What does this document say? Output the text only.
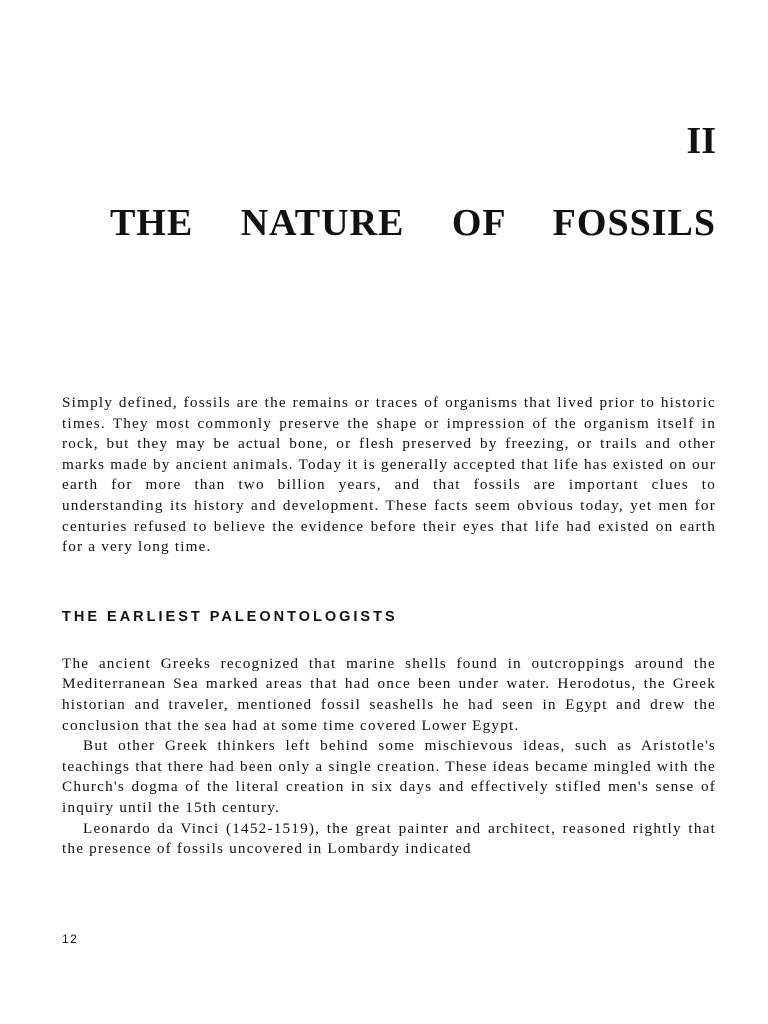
II
THE NATURE OF FOSSILS

Simply defined, fossils are the remains or traces of organisms that lived prior to historic times. They most commonly preserve the shape or impression of the organism itself in rock, but they may be actual bone, or flesh preserved by freezing, or trails and other marks made by ancient animals. Today it is generally accepted that life has existed on our earth for more than two billion years, and that fossils are important clues to understanding its history and development. These facts seem obvious today, yet men for centuries refused to believe the evidence before their eyes that life had existed on earth for a very long time.

THE EARLIEST PALEONTOLOGISTS

The ancient Greeks recognized that marine shells found in outcroppings around the Mediterranean Sea marked areas that had once been under water. Herodotus, the Greek historian and traveler, mentioned fossil seashells he had seen in Egypt and drew the conclusion that the sea had at some time covered Lower Egypt.

But other Greek thinkers left behind some mischievous ideas, such as Aristotle's teachings that there had been only a single creation. These ideas became mingled with the Church's dogma of the literal creation in six days and effectively stifled men's sense of inquiry until the 15th century.

Leonardo da Vinci (1452-1519), the great painter and architect, reasoned rightly that the presence of fossils uncovered in Lombardy indicated

12
